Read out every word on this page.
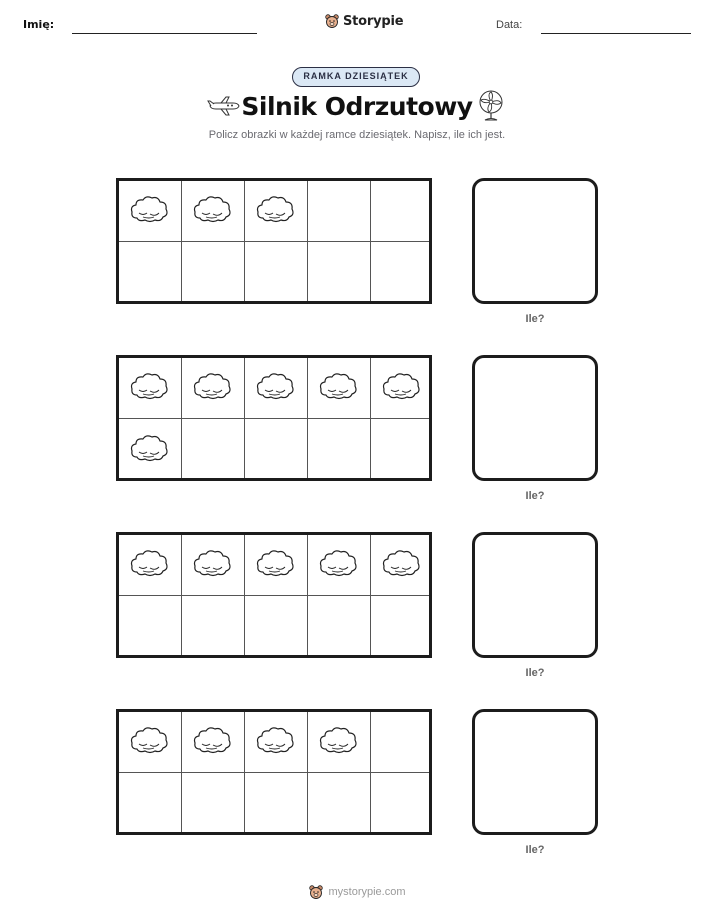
Imię:	Storypie	Data:
RAMKA DZIESIĄTEK
Silnik Odrzutowy
Policz obrazki w każdej ramce dziesiątek. Napisz, ile ich jest.
Ile?
Ile?
Ile?
Ile?
mystorypie.com
